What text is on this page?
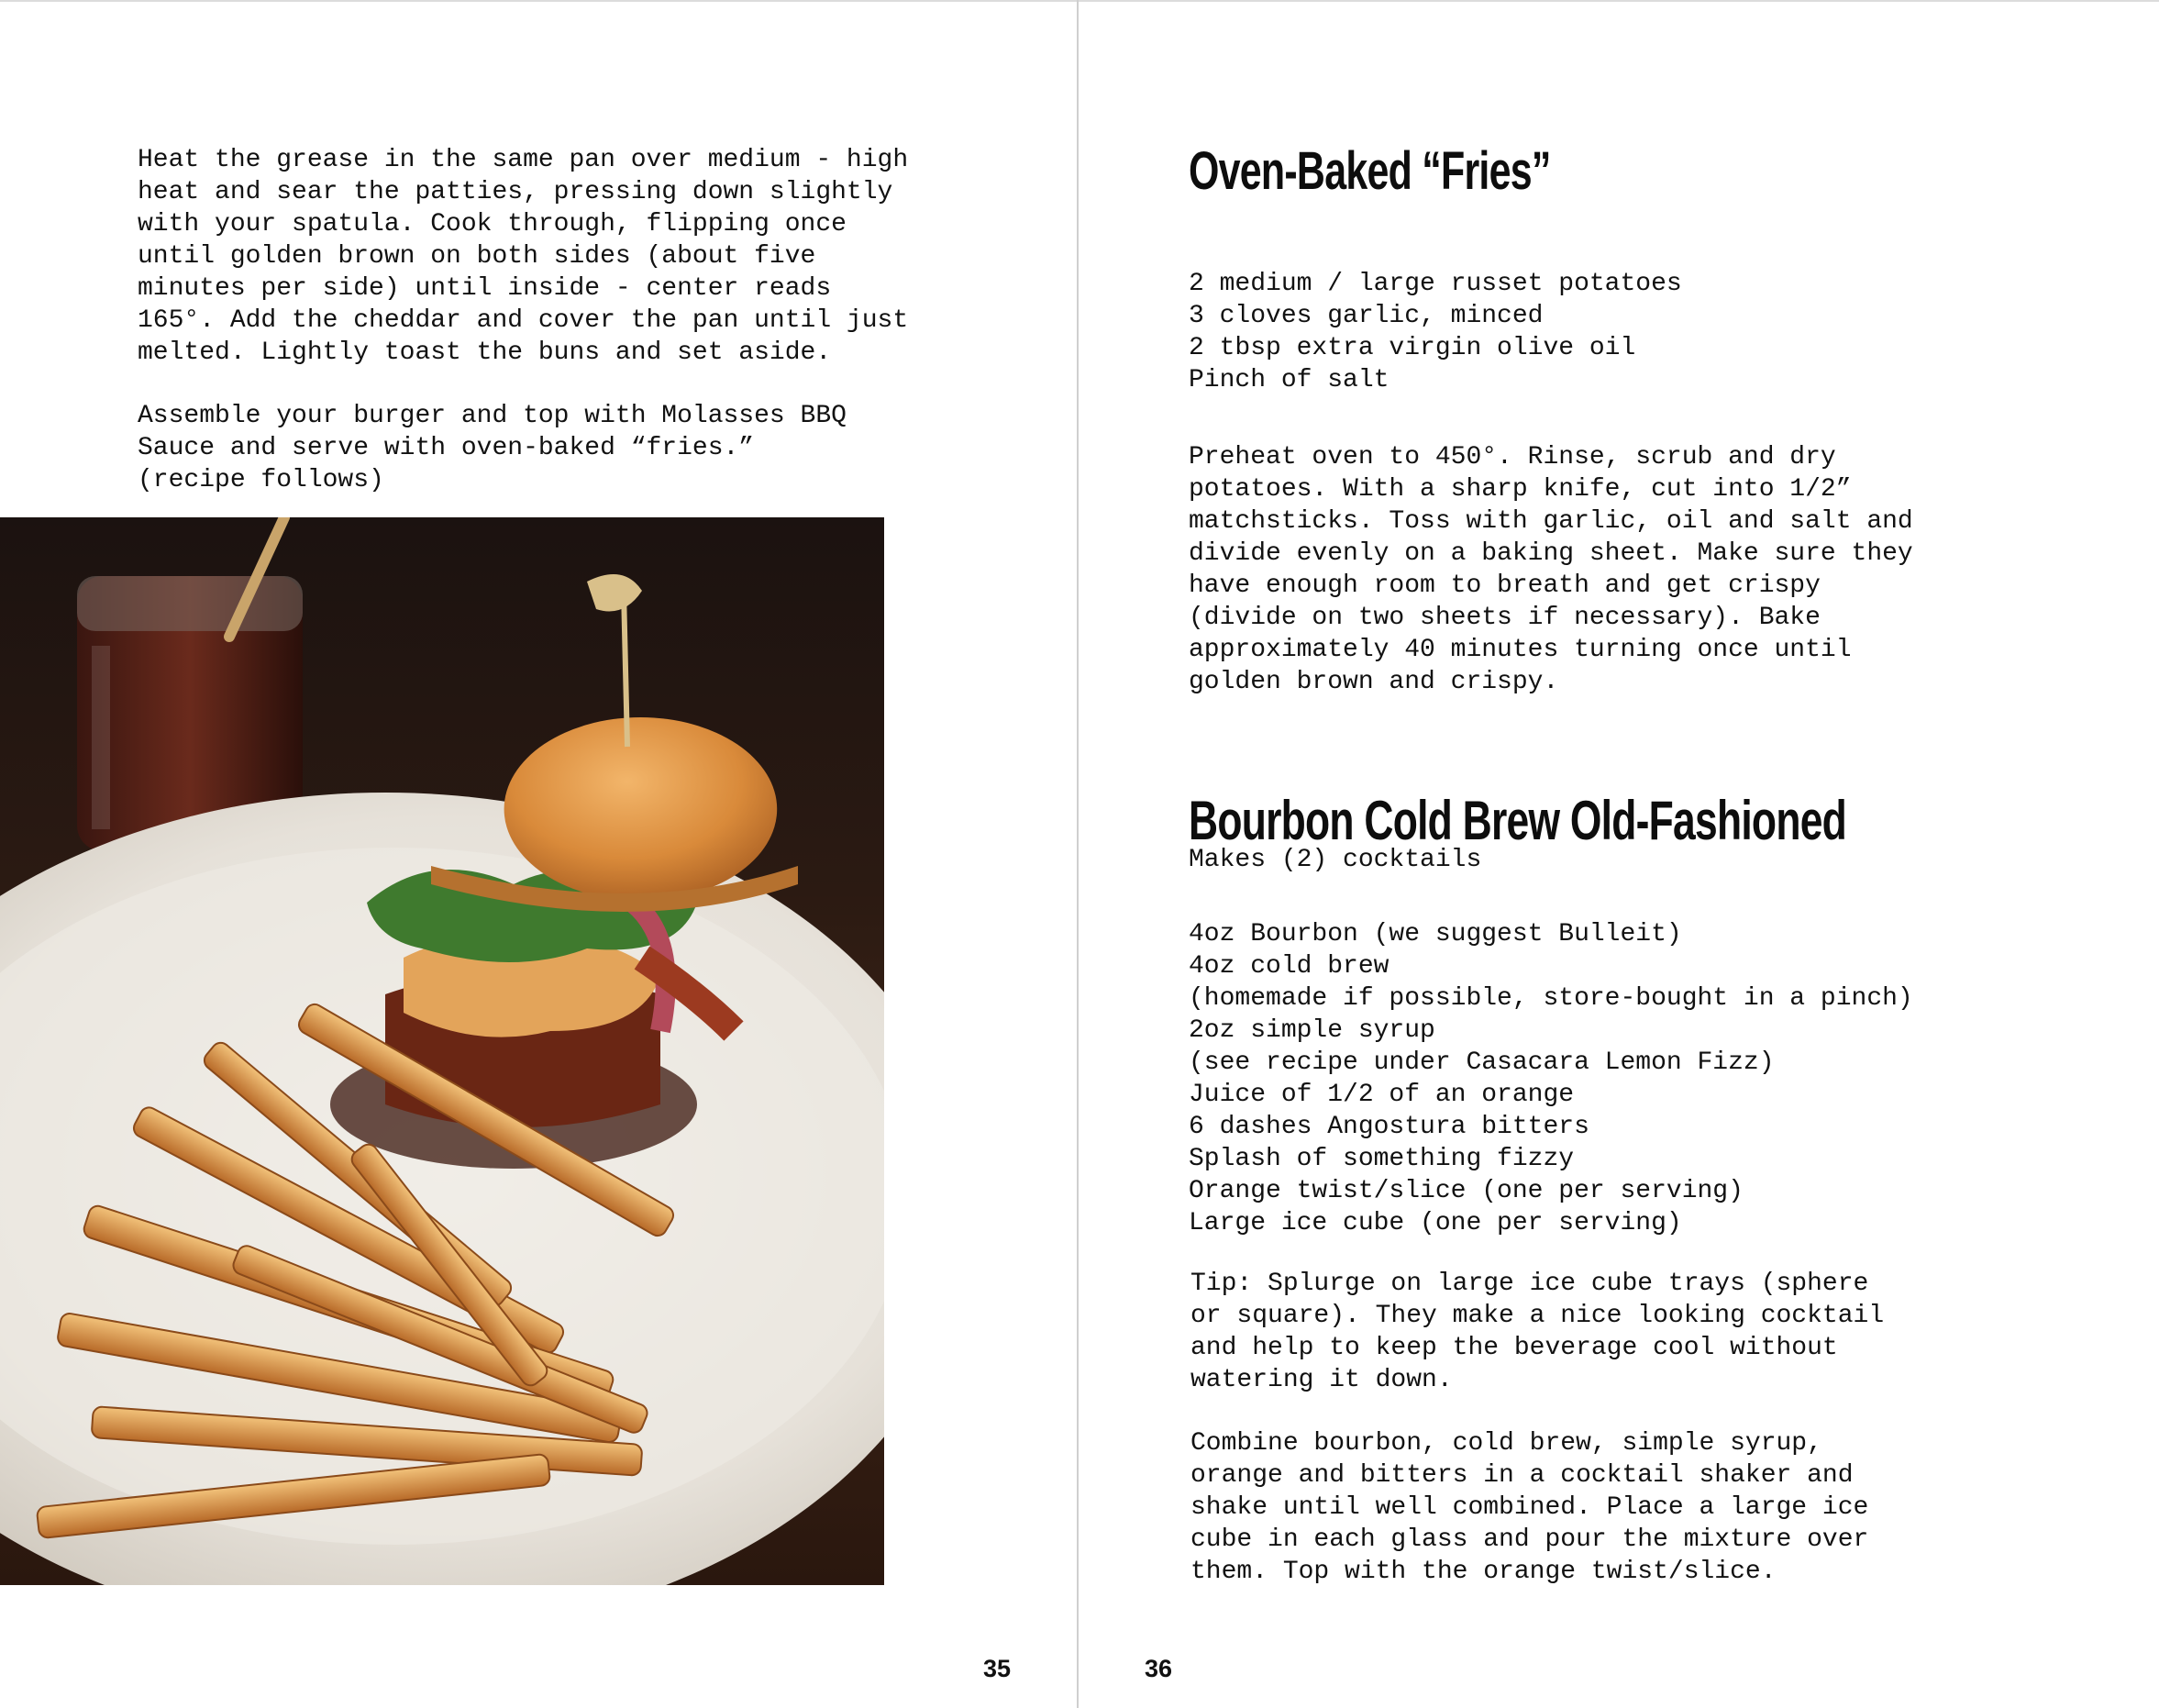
Heat the grease in the same pan over medium - high
heat and sear the patties, pressing down slightly
with your spatula. Cook through, flipping once
until golden brown on both sides (about five
minutes per side) until inside - center reads
165°. Add the cheddar and cover the pan until just
melted. Lightly toast the buns and set aside.

Assemble your burger and top with Molasses BBQ
Sauce and serve with oven-baked “fries.”
(recipe follows)

35
Oven-Baked “Fries”

2 medium / large russet potatoes
3 cloves garlic, minced
2 tbsp extra virgin olive oil
Pinch of salt

Preheat oven to 450°. Rinse, scrub and dry
potatoes. With a sharp knife, cut into 1/2”
matchsticks. Toss with garlic, oil and salt and
divide evenly on a baking sheet. Make sure they
have enough room to breath and get crispy
(divide on two sheets if necessary). Bake
approximately 40 minutes turning once until
golden brown and crispy.

Bourbon Cold Brew Old-Fashioned

Makes (2) cocktails

4oz Bourbon (we suggest Bulleit)
4oz cold brew
(homemade if possible, store-bought in a pinch)
2oz simple syrup
(see recipe under Casacara Lemon Fizz)
Juice of 1/2 of an orange
6 dashes Angostura bitters
Splash of something fizzy
Orange twist/slice (one per serving)
Large ice cube (one per serving)

Tip: Splurge on large ice cube trays (sphere
or square). They make a nice looking cocktail
and help to keep the beverage cool without
watering it down.

Combine bourbon, cold brew, simple syrup,
orange and bitters in a cocktail shaker and
shake until well combined. Place a large ice
cube in each glass and pour the mixture over
them. Top with the orange twist/slice.

36
